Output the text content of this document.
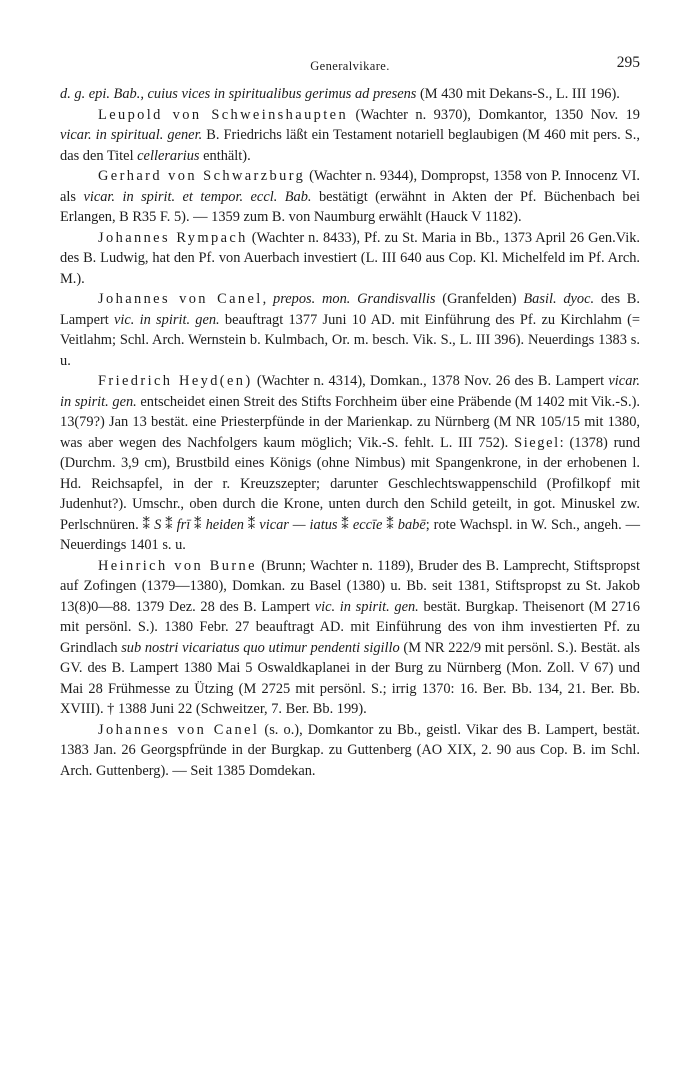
Generalvikare.	295

d. g. epi. Bab., cuius vices in spiritualibus gerimus ad presens (M 430 mit Dekans-S., L. III 196).

Leupold von Schweinshaupten (Wachter n. 9370), Domkantor, 1350 Nov. 19 vicar. in spiritual. gener. B. Friedrichs läßt ein Testament notariell beglaubigen (M 460 mit pers. S., das den Titel cellerarius enthält).

Gerhard von Schwarzburg (Wachter n. 9344), Dompropst, 1358 von P. Innocenz VI. als vicar. in spirit. et tempor. eccl. Bab. bestätigt (erwähnt in Akten der Pf. Büchenbach bei Erlangen, B R35 F. 5). — 1359 zum B. von Naumburg erwählt (Hauck V 1182).

Johannes Rympach (Wachter n. 8433), Pf. zu St. Maria in Bb., 1373 April 26 Gen.Vik. des B. Ludwig, hat den Pf. von Auerbach investiert (L. III 640 aus Cop. Kl. Michelfeld im Pf. Arch. M.).

Johannes von Canel, prepos. mon. Grandisvallis (Granfelden) Basil. dyoc. des B. Lampert vic. in spirit. gen. beauftragt 1377 Juni 10 AD. mit Einführung des Pf. zu Kirchlahm (= Veitlahm; Schl. Arch. Wernstein b. Kulmbach, Or. m. besch. Vik. S., L. III 396). Neuerdings 1383 s. u.

Friedrich Heyd(en) (Wachter n. 4314), Domkan., 1378 Nov. 26 des B. Lampert vicar. in spirit. gen. entscheidet einen Streit des Stifts Forchheim über eine Präbende (M 1402 mit Vik.-S.). 13(79?) Jan 13 bestät. eine Priesterpfünde in der Marienkap. zu Nürnberg (M NR 105/15 mit 1380, was aber wegen des Nachfolgers kaum möglich; Vik.-S. fehlt. L. III 752). Siegel: (1378) rund (Durchm. 3,9 cm), Brustbild eines Königs (ohne Nimbus) mit Spangenkrone, in der erhobenen l. Hd. Reichsapfel, in der r. Kreuzszepter; darunter Geschlechtswappenschild (Profilkopf mit Judenhut?). Umschr., oben durch die Krone, unten durch den Schild geteilt, in got. Minuskel zw. Perlschnüren. ⁑ S ⁑ frī ⁑ heiden ⁑ vicar — iatus ⁑ eccīe ⁑ babē; rote Wachspl. in W. Sch., angeh. — Neuerdings 1401 s. u.

Heinrich von Burne (Brunn; Wachter n. 1189), Bruder des B. Lamprecht, Stiftspropst auf Zofingen (1379—1380), Domkan. zu Basel (1380) u. Bb. seit 1381, Stiftspropst zu St. Jakob 13(8)0—88. 1379 Dez. 28 des B. Lampert vic. in spirit. gen. bestät. Burgkap. Theisenort (M 2716 mit persönl. S.). 1380 Febr. 27 beauftragt AD. mit Einführung des von ihm investierten Pf. zu Grindlach sub nostri vicariatus quo utimur pendenti sigillo (M NR 222/9 mit persönl. S.). Bestät. als GV. des B. Lampert 1380 Mai 5 Oswaldkaplanei in der Burg zu Nürnberg (Mon. Zoll. V 67) und Mai 28 Frühmesse zu Ützing (M 2725 mit persönl. S.; irrig 1370: 16. Ber. Bb. 134, 21. Ber. Bb. XVIII). † 1388 Juni 22 (Schweitzer, 7. Ber. Bb. 199).

Johannes von Canel (s. o.), Domkantor zu Bb., geistl. Vikar des B. Lampert, bestät. 1383 Jan. 26 Georgspfründe in der Burgkap. zu Guttenberg (AO XIX, 2. 90 aus Cop. B. im Schl. Arch. Guttenberg). — Seit 1385 Domdekan.
